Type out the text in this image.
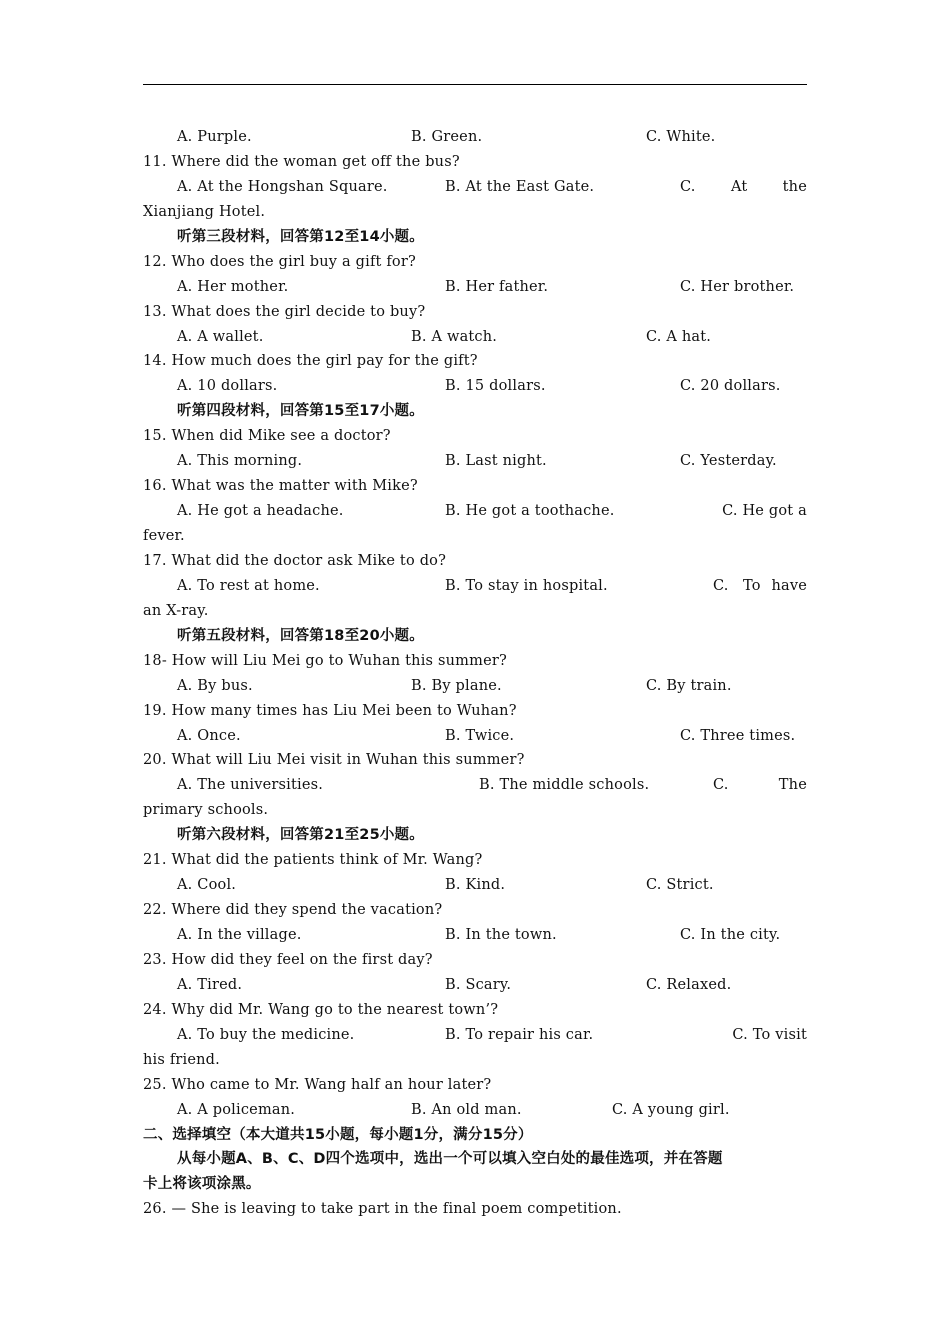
A. Purple.	B. Green.	C. White.
11. Where did the woman get off the bus?
A. At the Hongshan Square.	B. At the East Gate.	C. At the
Xianjiang Hotel.
听第三段材料，回答第12至14小题。
12. Who does the girl buy a gift for?
A. Her mother.	B. Her father.	C. Her brother.
13. What does the girl decide to buy?
A. A wallet.	B. A watch.	C. A hat.
14. How much does the girl pay for the gift?
A. 10 dollars.	B. 15 dollars.	C. 20 dollars.
听第四段材料，回答第15至17小题。
15. When did Mike see a doctor?
A. This morning.	B. Last night.	C. Yesterday.
16. What was the matter with Mike?
A. He got a headache.	B. He got a toothache.	C. He got a
fever.
17. What did the doctor ask Mike to do?
A. To rest at home.	B. To stay in hospital.	C. To have
an X-ray.
听第五段材料，回答第18至20小题。
18- How will Liu Mei go to Wuhan this summer?
A. By bus.	B. By plane.	C. By train.
19. How many times has Liu Mei been to Wuhan?
A. Once.	B. Twice.	C. Three times.
20. What will Liu Mei visit in Wuhan this summer?
A. The universities.	B. The middle schools.	C.	The
primary schools.
听第六段材料，回答第21至25小题。
21. What did the patients think of Mr. Wang?
A. Cool.	B. Kind.	C. Strict.
22. Where did they spend the vacation?
A. In the village.	B. In the town.	C. In the city.
23. How did they feel on the first day?
A. Tired.	B. Scary.	C. Relaxed.
24. Why did Mr. Wang go to the nearest town’?
A. To buy the medicine.	B. To repair his car.	C. To visit
his friend.
25. Who came to Mr. Wang half an hour later?
A. A policeman.	B. An old man.	C. A young girl.
二、选择填空（本大道共15小题，每小题1分，满分15分）
从每小题A、B、C、D四个选项中，选出一个可以填入空白处的最佳选项，并在答题
卡上将该项涂黑。
26. — She is leaving to take part in the final poem competition.
